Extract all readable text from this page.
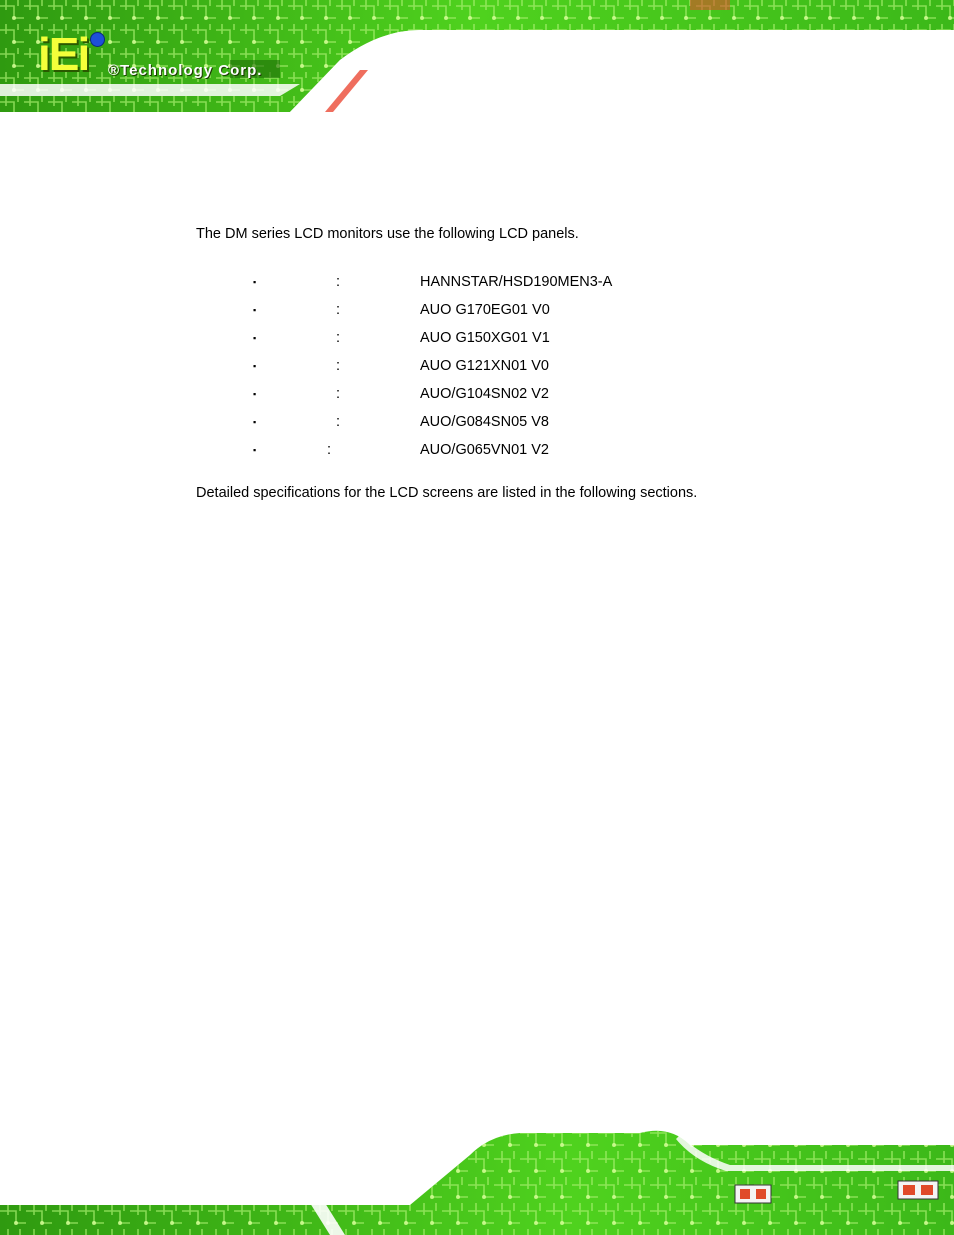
iEi ®Technology Corp.

The DM series LCD monitors use the following LCD panels.

▪	:	HANNSTAR/HSD190MEN3-A
▪	:	AUO G170EG01 V0
▪	:	AUO G150XG01 V1
▪	:	AUO G121XN01 V0
▪	:	AUO/G104SN02 V2
▪	:	AUO/G084SN05 V8
▪	:	AUO/G065VN01 V2

Detailed specifications for the LCD screens are listed in the following sections.
